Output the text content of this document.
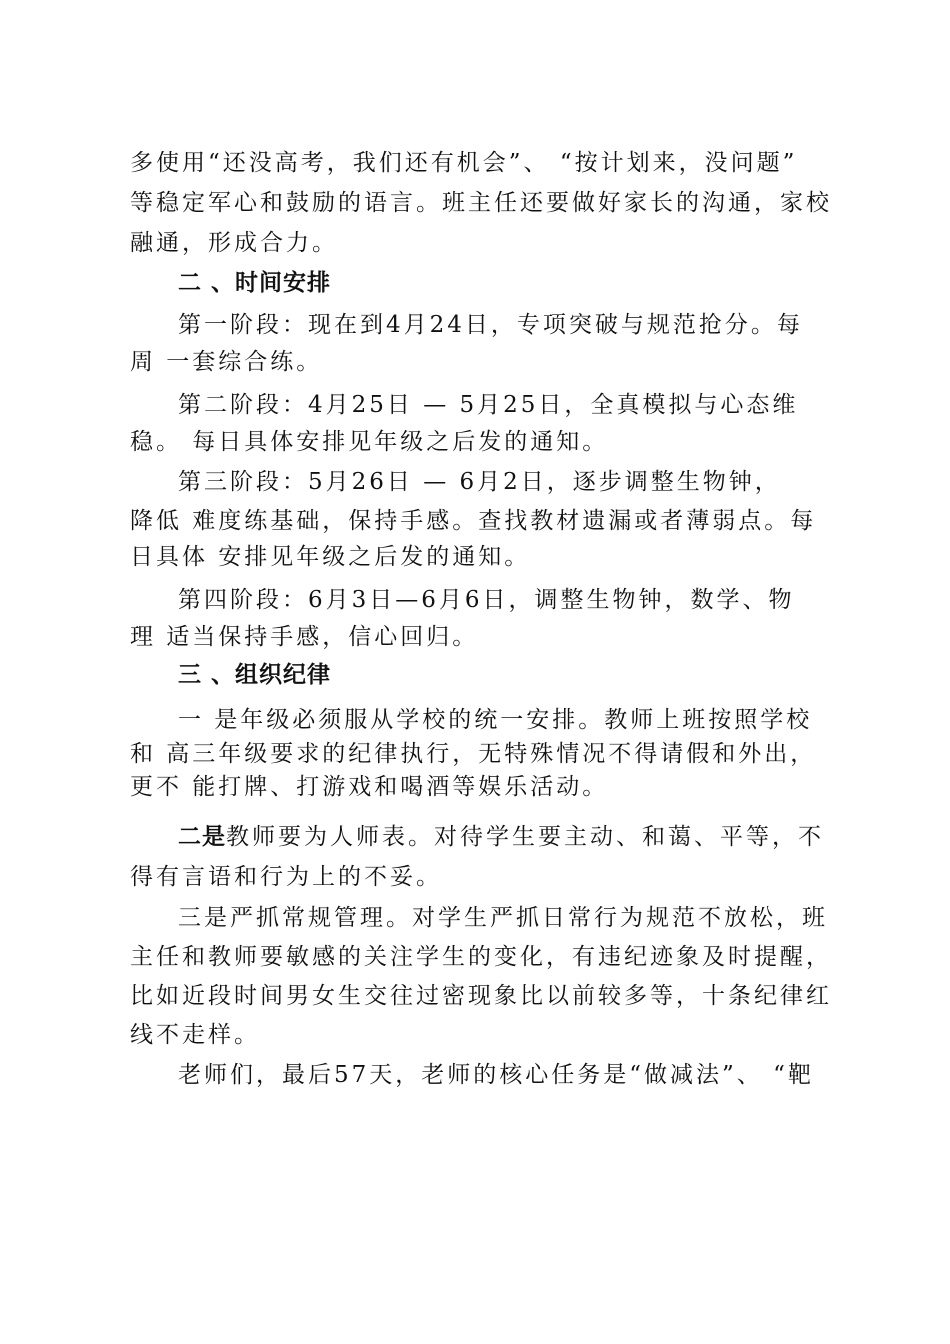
多使用“还没高考，我们还有机会”、 “按计划来，没问题”
等稳定军心和鼓励的语言。班主任还要做好家长的沟通，家校
融通，形成合力。
二 、时间安排
第一阶段：现在到4月24日，专项突破与规范抢分。每
周 一套综合练。
第二阶段：4月25日 — 5月25日，全真模拟与心态维
稳。 每日具体安排见年级之后发的通知。
第三阶段：5月26日 — 6月2日，逐步调整生物钟，
降低 难度练基础，保持手感。查找教材遗漏或者薄弱点。每
日具体 安排见年级之后发的通知。
第四阶段：6月3日—6月6日，调整生物钟，数学、物
理 适当保持手感，信心回归。
三 、组织纪律
一 是年级必须服从学校的统一安排。教师上班按照学校
和 高三年级要求的纪律执行，无特殊情况不得请假和外出，
更不 能打牌、打游戏和喝酒等娱乐活动。
二是教师要为人师表。对待学生要主动、和蔼、平等，不
得有言语和行为上的不妥。
三是严抓常规管理。对学生严抓日常行为规范不放松，班
主任和教师要敏感的关注学生的变化，有违纪迹象及时提醒，
比如近段时间男女生交往过密现象比以前较多等，十条纪律红
线不走样。
老师们，最后57天，老师的核心任务是“做减法”、 “靶
